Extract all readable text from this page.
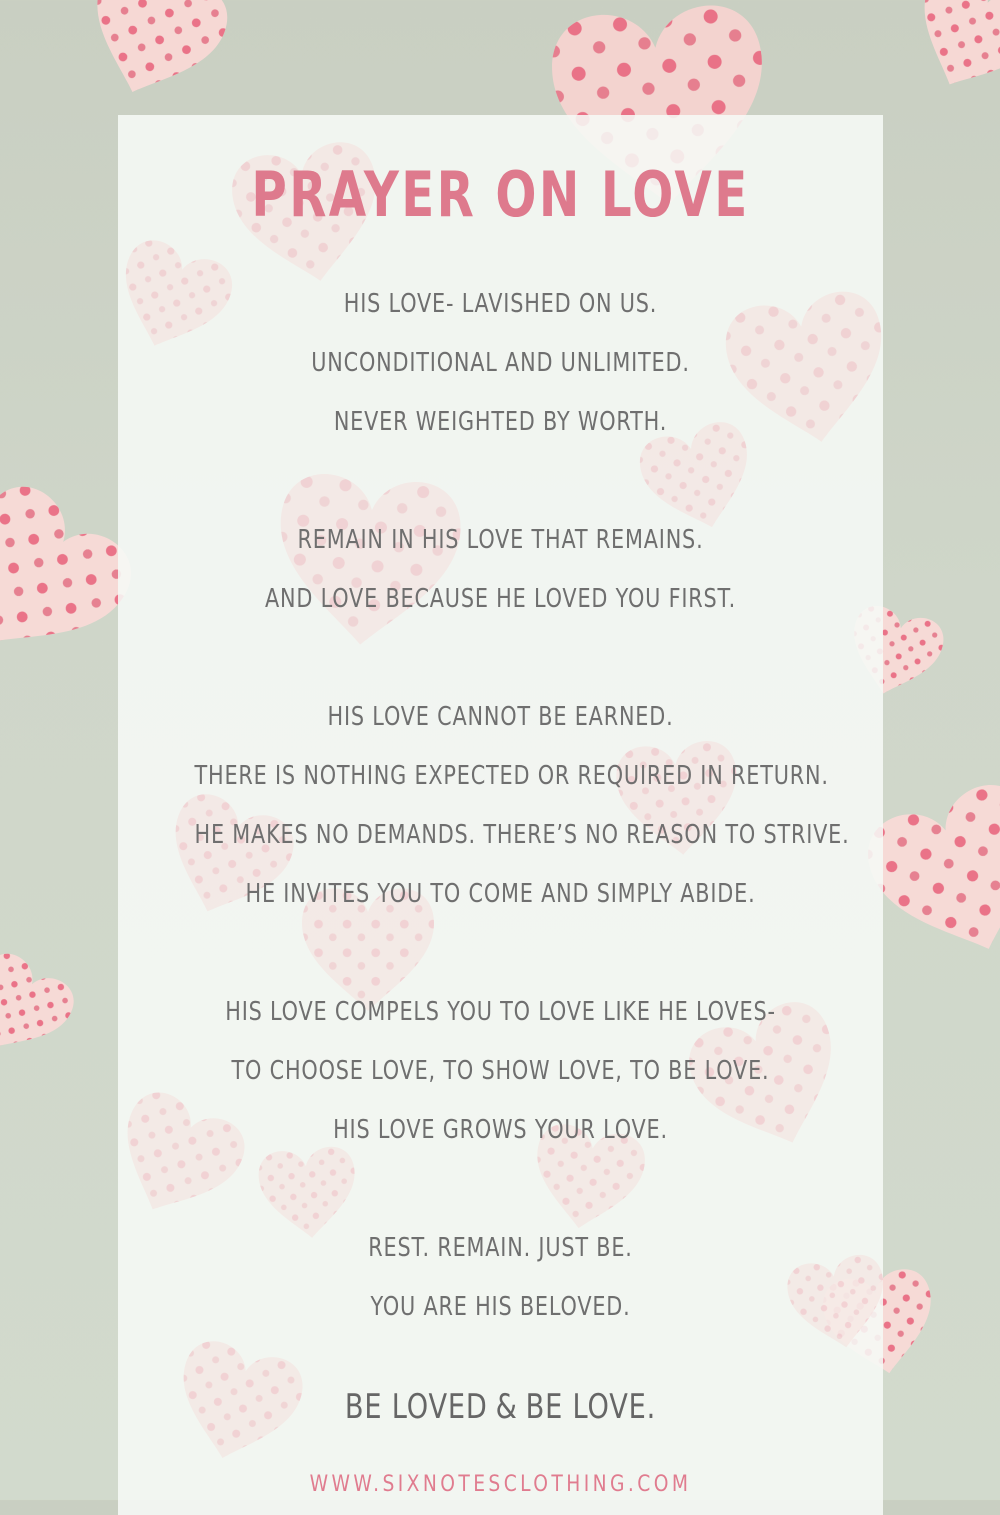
PRAYER ON LOVE
HIS LOVE- LAVISHED ON US.
UNCONDITIONAL AND UNLIMITED.
NEVER WEIGHTED BY WORTH.
REMAIN IN HIS LOVE THAT REMAINS.
AND LOVE BECAUSE HE LOVED YOU FIRST.
HIS LOVE CANNOT BE EARNED.
THERE IS NOTHING EXPECTED OR REQUIRED IN RETURN.
HE MAKES NO DEMANDS. THERE’S NO REASON TO STRIVE.
HE INVITES YOU TO COME AND SIMPLY ABIDE.
HIS LOVE COMPELS YOU TO LOVE LIKE HE LOVES-
TO CHOOSE LOVE, TO SHOW LOVE, TO BE LOVE.
HIS LOVE GROWS YOUR LOVE.
REST. REMAIN. JUST BE.
YOU ARE HIS BELOVED.
BE LOVED & BE LOVE.
WWW.SIXNOTESCLOTHING.COM
